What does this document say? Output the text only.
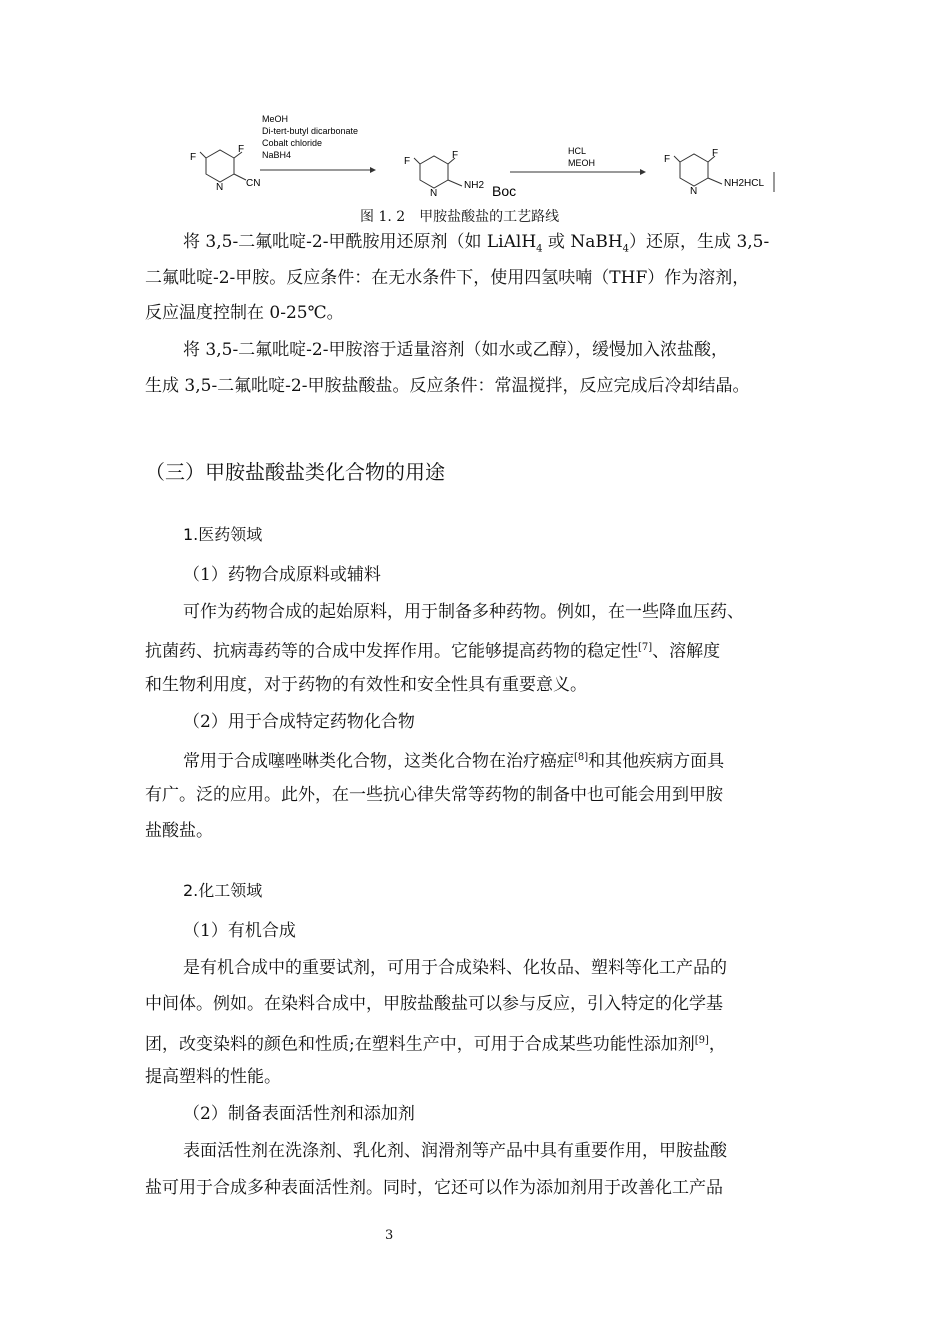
F
F
N CN
MeOH
Di-tert-butyl dicarbonate
Cobalt chloride
NaBH4
F
F
N
NH2 Boc
HCL
MEOH	F
F
N
NH2HCL
图 1. 2　甲胺盐酸盐的工艺路线
将 3,5-二氟吡啶-2-甲酰胺用还原剂（如 LiAlH$_4$ 或 NaBH$_4$）还原，生成 3,5-
二氟吡啶-2-甲胺。反应条件：在无水条件下，使用四氢呋喃（THF）作为溶剂，
反应温度控制在 0-25℃。
将 3,5-二氟吡啶-2-甲胺溶于适量溶剂（如水或乙醇），缓慢加入浓盐酸，
生成 3,5-二氟吡啶-2-甲胺盐酸盐。反应条件：常温搅拌，反应完成后冷却结晶。
（三）甲胺盐酸盐类化合物的用途
1.医药领域
（1）药物合成原料或辅料
可作为药物合成的起始原料，用于制备多种药物。例如，在一些降血压药、
抗菌药、抗病毒药等的合成中发挥作用。它能够提高药物的稳定性[7]、溶解度
和生物利用度，对于药物的有效性和安全性具有重要意义。
（2）用于合成特定药物化合物
常用于合成噻唑啉类化合物，这类化合物在治疗癌症[8]和其他疾病方面具
有广。泛的应用。此外，在一些抗心律失常等药物的制备中也可能会用到甲胺
盐酸盐。
2.化工领域
（1）有机合成
是有机合成中的重要试剂，可用于合成染料、化妆品、塑料等化工产品的
中间体。例如。在染料合成中，甲胺盐酸盐可以参与反应，引入特定的化学基
团，改变染料的颜色和性质;在塑料生产中，可用于合成某些功能性添加剂[9]，
提高塑料的性能。
（2）制备表面活性剂和添加剂
表面活性剂在洗涤剂、乳化剂、润滑剂等产品中具有重要作用，甲胺盐酸
盐可用于合成多种表面活性剂。同时，它还可以作为添加剂用于改善化工产品
3
